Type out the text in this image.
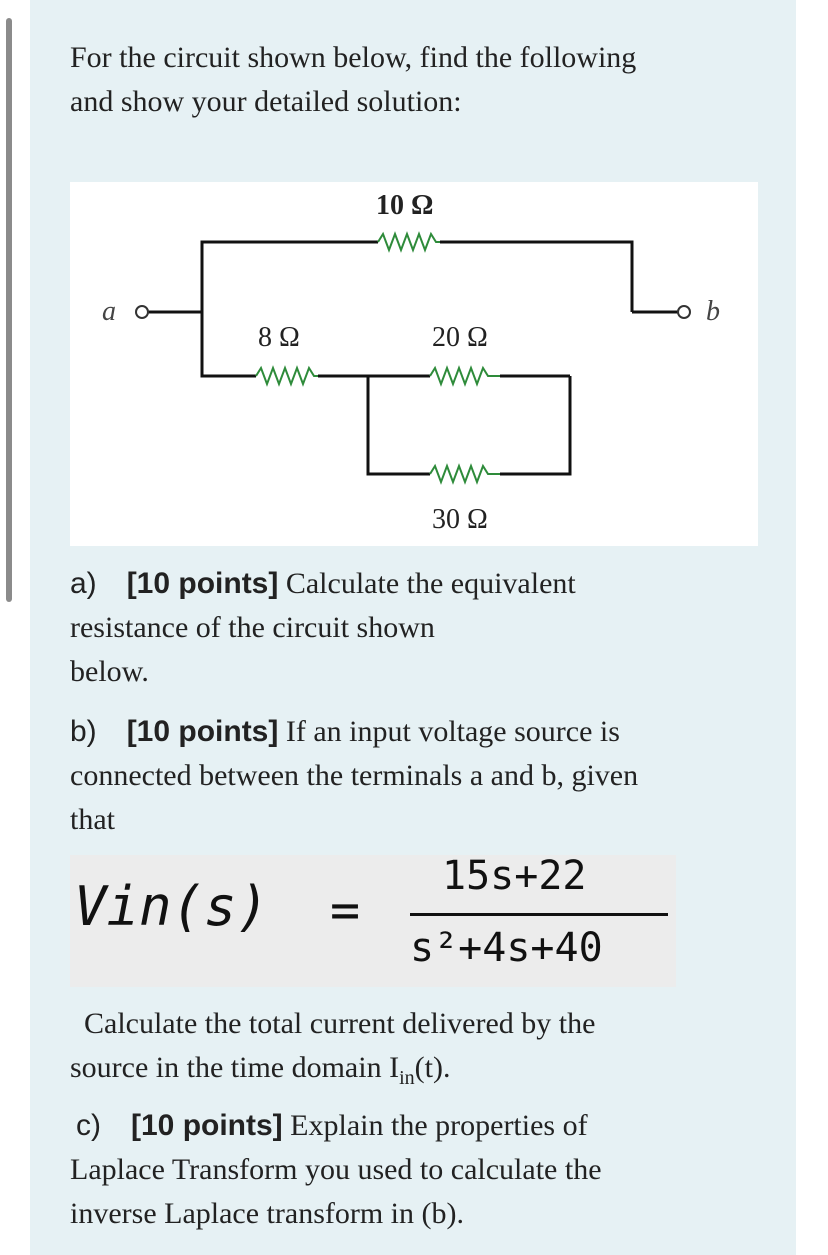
For the circuit shown below, find the following
and show your detailed solution:
a	b
10 Ω
8 Ω	20 Ω
30 Ω
a) [10 points] Calculate the equivalent
resistance of the circuit shown
below.
b) [10 points] If an input voltage source is
connected between the terminals a and b, given
that
Vin(s) =
15s+22
s²+4s+40
Calculate the total current delivered by the
source in the time domain $I_{in}(t)$.
c) [10 points] Explain the properties of
Laplace Transform you used to calculate the
inverse Laplace transform in (b).
